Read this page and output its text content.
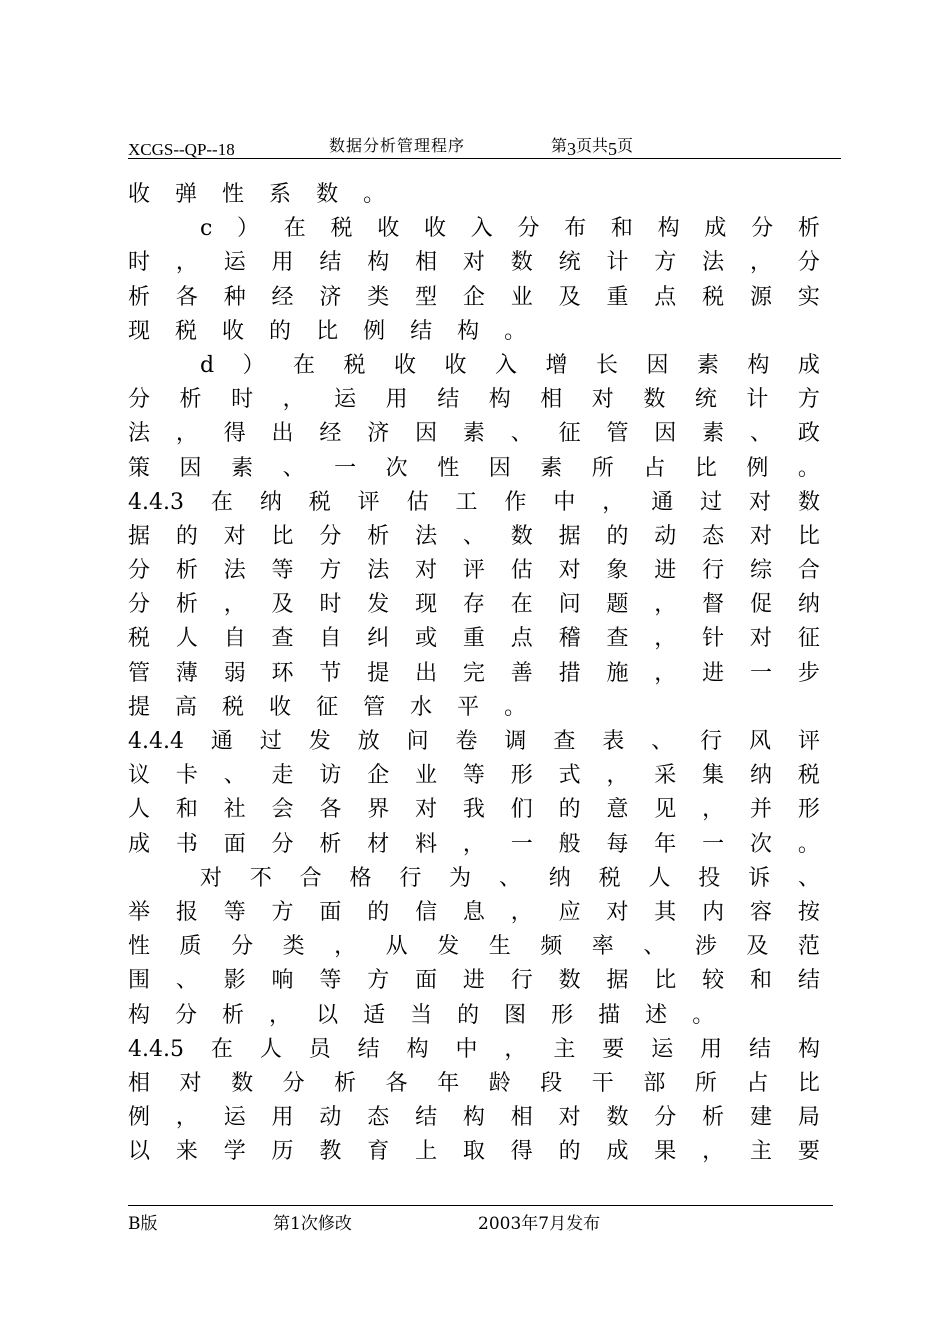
XCGS--QP--18	数据分析管理程序	第3页共5页
收 弹 性 系 数 。
c ） 在 税 收 收 入 分 布 和 构 成 分 析
时 ， 运 用 结 构 相 对 数 统 计 方 法 ， 分
析 各 种 经 济 类 型 企 业 及 重 点 税 源 实
现 税 收 的 比 例 结 构 。
d ） 在 税 收 收 入 增 长 因 素 构 成
分 析 时 ， 运 用 结 构 相 对 数 统 计 方
法 ， 得 出 经 济 因 素 、 征 管 因 素 、 政
策 因 素 、 一 次 性 因 素 所 占 比 例 。
4.4.3 在 纳 税 评 估 工 作 中 ， 通 过 对 数
据 的 对 比 分 析 法 、 数 据 的 动 态 对 比
分 析 法 等 方 法 对 评 估 对 象 进 行 综 合
分 析 ， 及 时 发 现 存 在 问 题 ， 督 促 纳
税 人 自 查 自 纠 或 重 点 稽 查 ， 针 对 征
管 薄 弱 环 节 提 出 完 善 措 施 ， 进 一 步
提 高 税 收 征 管 水 平 。
4.4.4 通 过 发 放 问 卷 调 查 表 、 行 风 评
议 卡 、 走 访 企 业 等 形 式 ， 采 集 纳 税
人 和 社 会 各 界 对 我 们 的 意 见 ， 并 形
成 书 面 分 析 材 料 ， 一 般 每 年 一 次 。
对 不 合 格 行 为 、 纳 税 人 投 诉 、
举 报 等 方 面 的 信 息 ， 应 对 其 内 容 按
性 质 分 类 ， 从 发 生 频 率 、 涉 及 范
围 、 影 响 等 方 面 进 行 数 据 比 较 和 结
构 分 析 ， 以 适 当 的 图 形 描 述 。
4.4.5 在 人 员 结 构 中 ， 主 要 运 用 结 构
相 对 数 分 析 各 年 龄 段 干 部 所 占 比
例 ， 运 用 动 态 结 构 相 对 数 分 析 建 局
以 来 学 历 教 育 上 取 得 的 成 果 ， 主 要
B版	第1次修改	2003年7月发布
